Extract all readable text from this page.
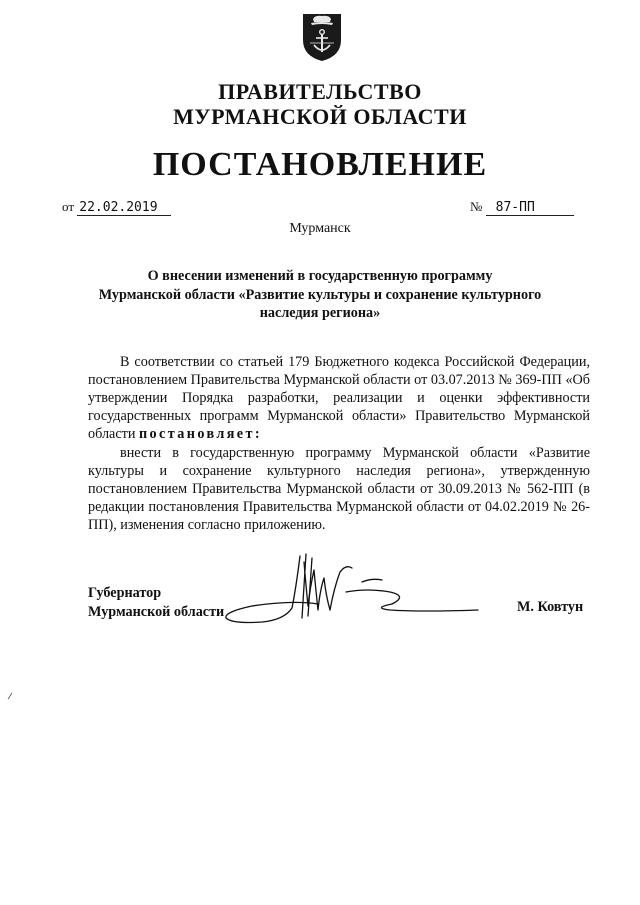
ПРАВИТЕЛЬСТВО
МУРМАНСКОЙ ОБЛАСТИ
ПОСТАНОВЛЕНИЕ
от 22.02.2019	№ 87-ПП
Мурманск
О внесении изменений в государственную программу
Мурманской области «Развитие культуры и сохранение культурного
наследия региона»
В соответствии со статьей 179 Бюджетного кодекса Российской Федерации, постановлением Правительства Мурманской области от 03.07.2013 № 369-ПП «Об утверждении Порядка разработки, реализации и оценки эффективности государственных программ Мурманской области» Правительство Мурманской области постановляет:
внести в государственную программу Мурманской области «Развитие культуры и сохранение культурного наследия региона», утвержденную постановлением Правительства Мурманской области от 30.09.2013 № 562-ПП (в редакции постановления Правительства Мурманской области от 04.02.2019 № 26-ПП), изменения согласно приложению.
Губернатор
Мурманской области	М. Ковтун
